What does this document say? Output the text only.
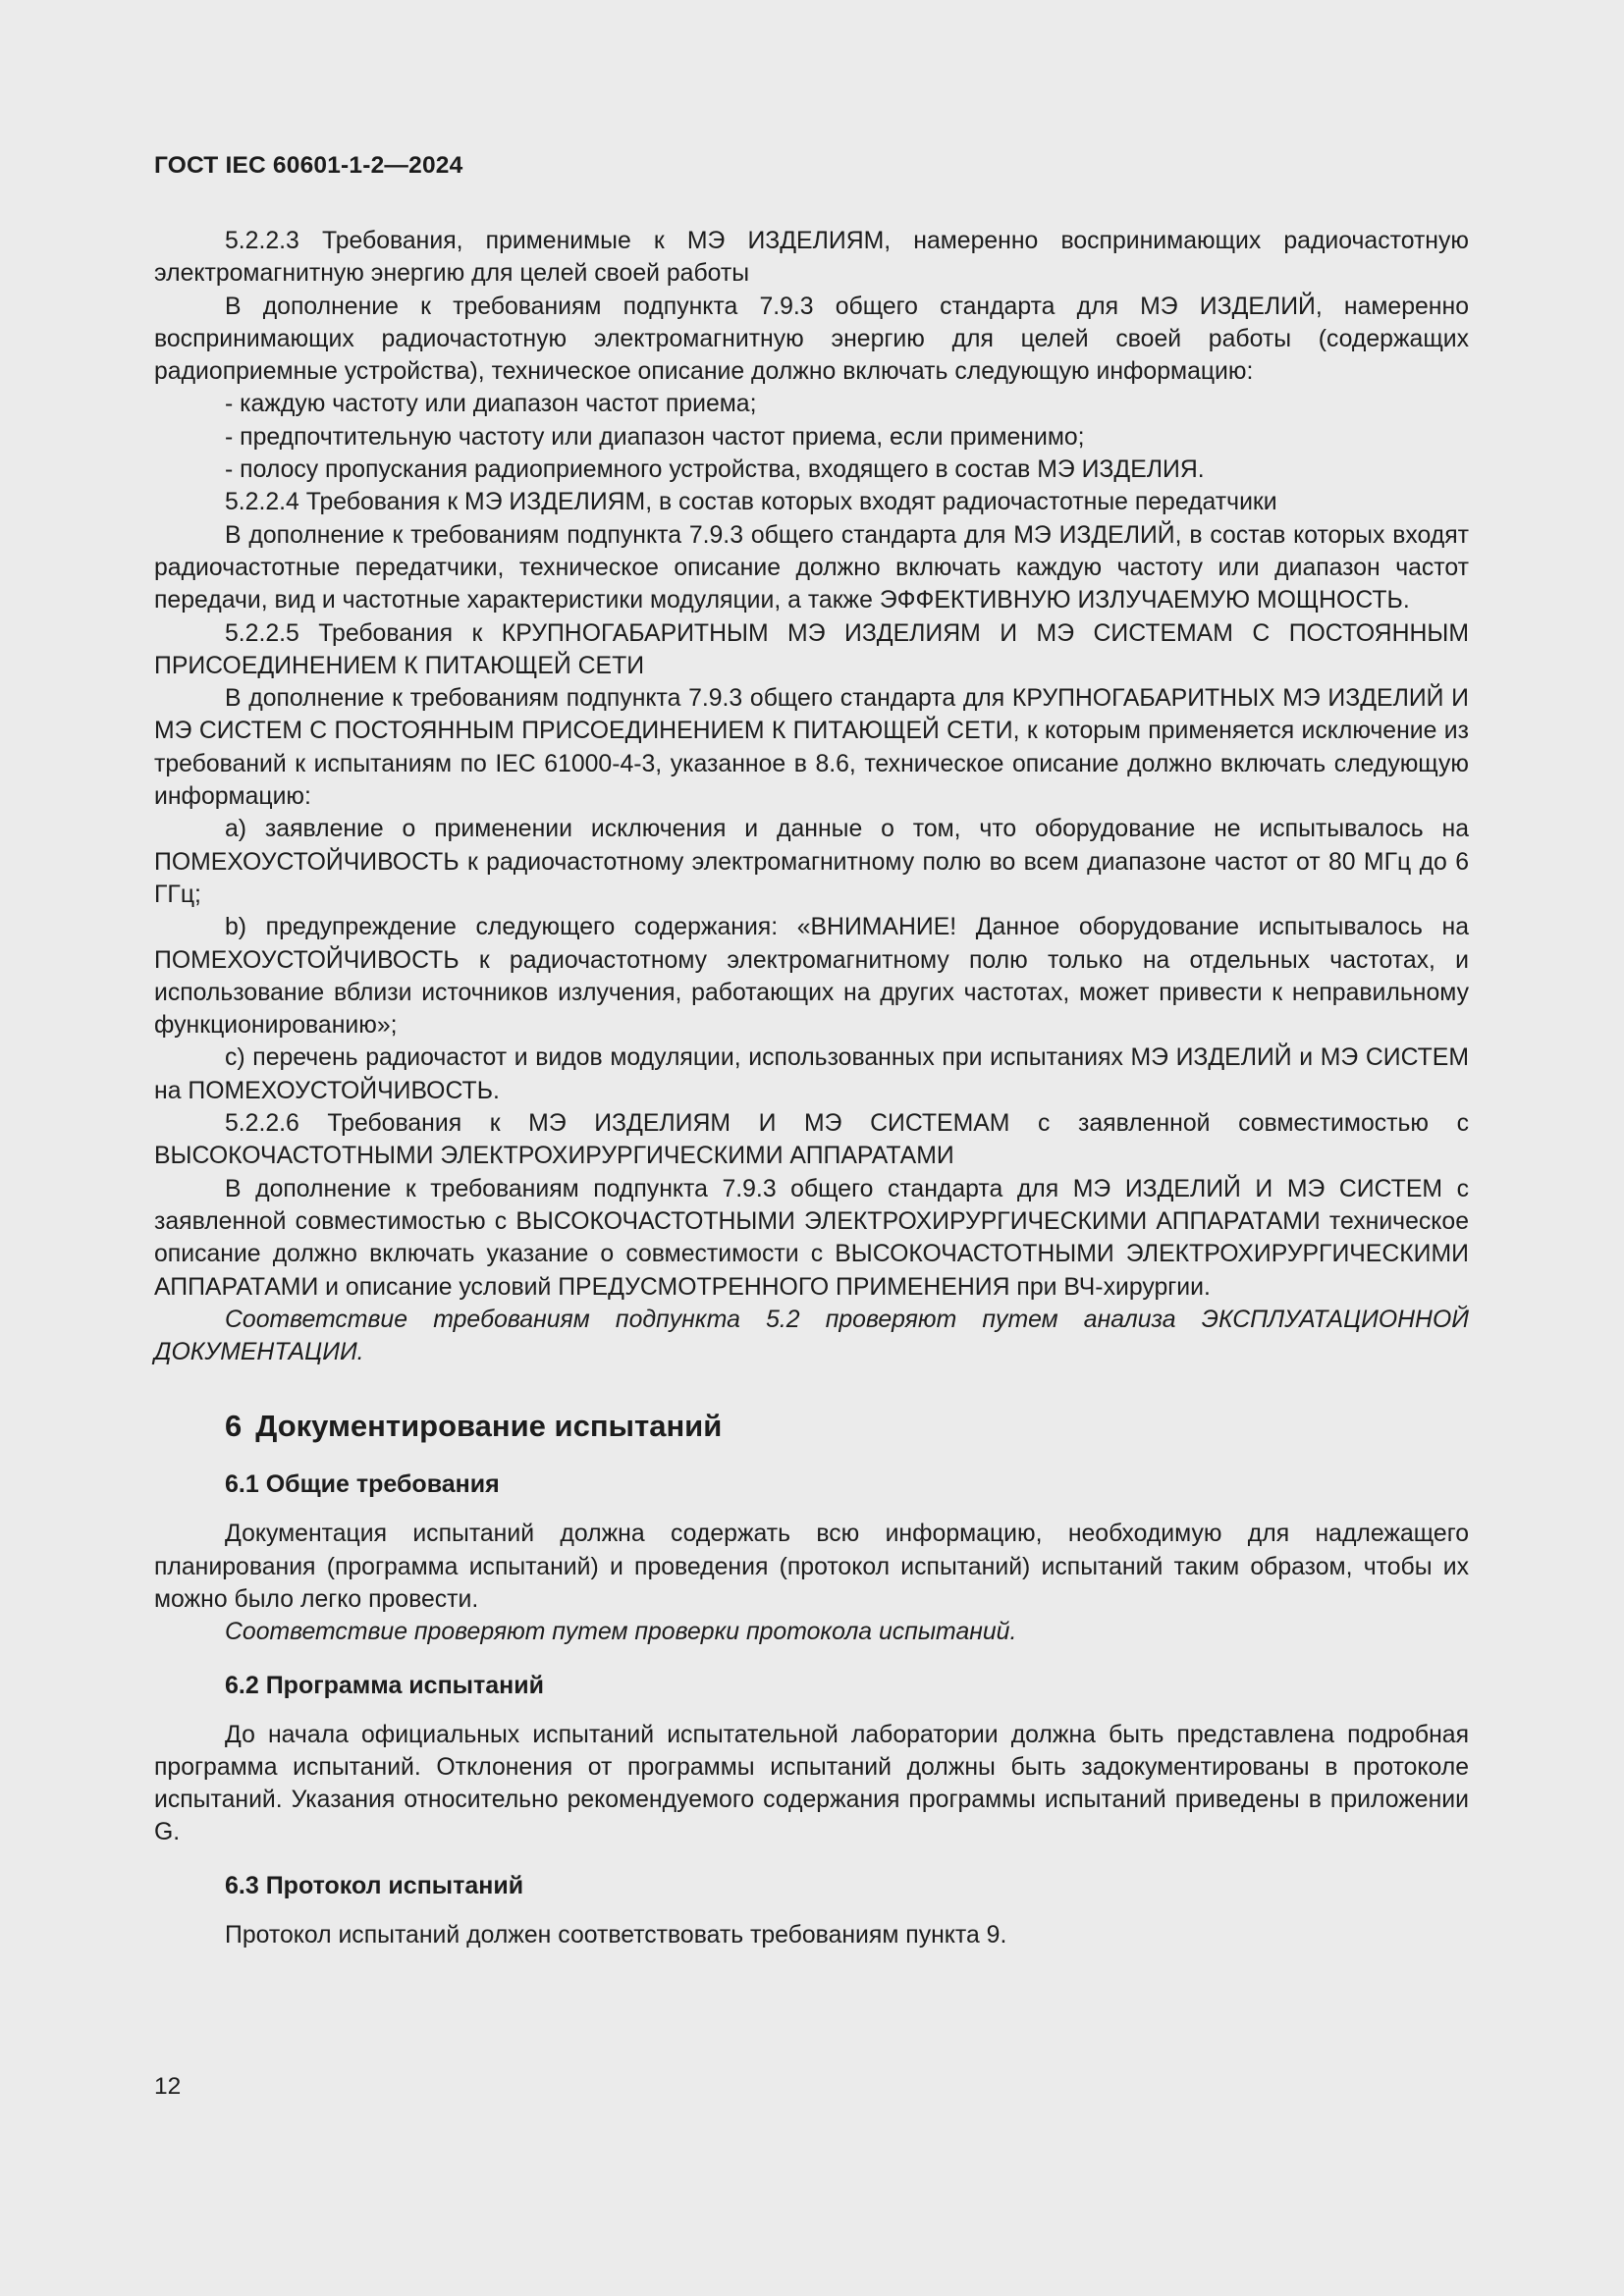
ГОСТ IEC 60601-1-2—2024

5.2.2.3 Требования, применимые к МЭ ИЗДЕЛИЯМ, намеренно воспринимающих радиочастотную электромагнитную энергию для целей своей работы

В дополнение к требованиям подпункта 7.9.3 общего стандарта для МЭ ИЗДЕЛИЙ, намеренно воспринимающих радиочастотную электромагнитную энергию для целей своей работы (содержащих радиоприемные устройства), техническое описание должно включать следующую информацию:

- каждую частоту или диапазон частот приема;

- предпочтительную частоту или диапазон частот приема, если применимо;

- полосу пропускания радиоприемного устройства, входящего в состав МЭ ИЗДЕЛИЯ.

5.2.2.4 Требования к МЭ ИЗДЕЛИЯМ, в состав которых входят радиочастотные передатчики

В дополнение к требованиям подпункта 7.9.3 общего стандарта для МЭ ИЗДЕЛИЙ, в состав которых входят радиочастотные передатчики, техническое описание должно включать каждую частоту или диапазон частот передачи, вид и частотные характеристики модуляции, а также ЭФФЕКТИВНУЮ ИЗЛУЧАЕМУЮ МОЩНОСТЬ.

5.2.2.5 Требования к КРУПНОГАБАРИТНЫМ МЭ ИЗДЕЛИЯМ И МЭ СИСТЕМАМ С ПОСТОЯННЫМ ПРИСОЕДИНЕНИЕМ К ПИТАЮЩЕЙ СЕТИ

В дополнение к требованиям подпункта 7.9.3 общего стандарта для КРУПНОГАБАРИТНЫХ МЭ ИЗДЕЛИЙ И МЭ СИСТЕМ С ПОСТОЯННЫМ ПРИСОЕДИНЕНИЕМ К ПИТАЮЩЕЙ СЕТИ, к которым применяется исключение из требований к испытаниям по IEC 61000-4-3, указанное в 8.6, техническое описание должно включать следующую информацию:

a) заявление о применении исключения и данные о том, что оборудование не испытывалось на ПОМЕХОУСТОЙЧИВОСТЬ к радиочастотному электромагнитному полю во всем диапазоне частот от 80 МГц до 6 ГГц;

b) предупреждение следующего содержания: «ВНИМАНИЕ! Данное оборудование испытывалось на ПОМЕХОУСТОЙЧИВОСТЬ к радиочастотному электромагнитному полю только на отдельных частотах, и использование вблизи источников излучения, работающих на других частотах, может привести к неправильному функционированию»;

c) перечень радиочастот и видов модуляции, использованных при испытаниях МЭ ИЗДЕЛИЙ и МЭ СИСТЕМ на ПОМЕХОУСТОЙЧИВОСТЬ.

5.2.2.6 Требования к МЭ ИЗДЕЛИЯМ И МЭ СИСТЕМАМ с заявленной совместимостью с ВЫСОКОЧАСТОТНЫМИ ЭЛЕКТРОХИРУРГИЧЕСКИМИ АППАРАТАМИ

В дополнение к требованиям подпункта 7.9.3 общего стандарта для МЭ ИЗДЕЛИЙ И МЭ СИСТЕМ с заявленной совместимостью с ВЫСОКОЧАСТОТНЫМИ ЭЛЕКТРОХИРУРГИЧЕСКИМИ АППАРАТАМИ техническое описание должно включать указание о совместимости с ВЫСОКОЧАСТОТНЫМИ ЭЛЕКТРОХИРУРГИЧЕСКИМИ АППАРАТАМИ и описание условий ПРЕДУСМОТРЕННОГО ПРИМЕНЕНИЯ при ВЧ-хирургии.

Соответствие требованиям подпункта 5.2 проверяют путем анализа ЭКСПЛУАТАЦИОННОЙ ДОКУМЕНТАЦИИ.

6 Документирование испытаний
6.1 Общие требования

Документация испытаний должна содержать всю информацию, необходимую для надлежащего планирования (программа испытаний) и проведения (протокол испытаний) испытаний таким образом, чтобы их можно было легко провести.

Соответствие проверяют путем проверки протокола испытаний.

6.2 Программа испытаний

До начала официальных испытаний испытательной лаборатории должна быть представлена подробная программа испытаний. Отклонения от программы испытаний должны быть задокументированы в протоколе испытаний. Указания относительно рекомендуемого содержания программы испытаний приведены в приложении G.

6.3 Протокол испытаний

Протокол испытаний должен соответствовать требованиям пункта 9.

12
